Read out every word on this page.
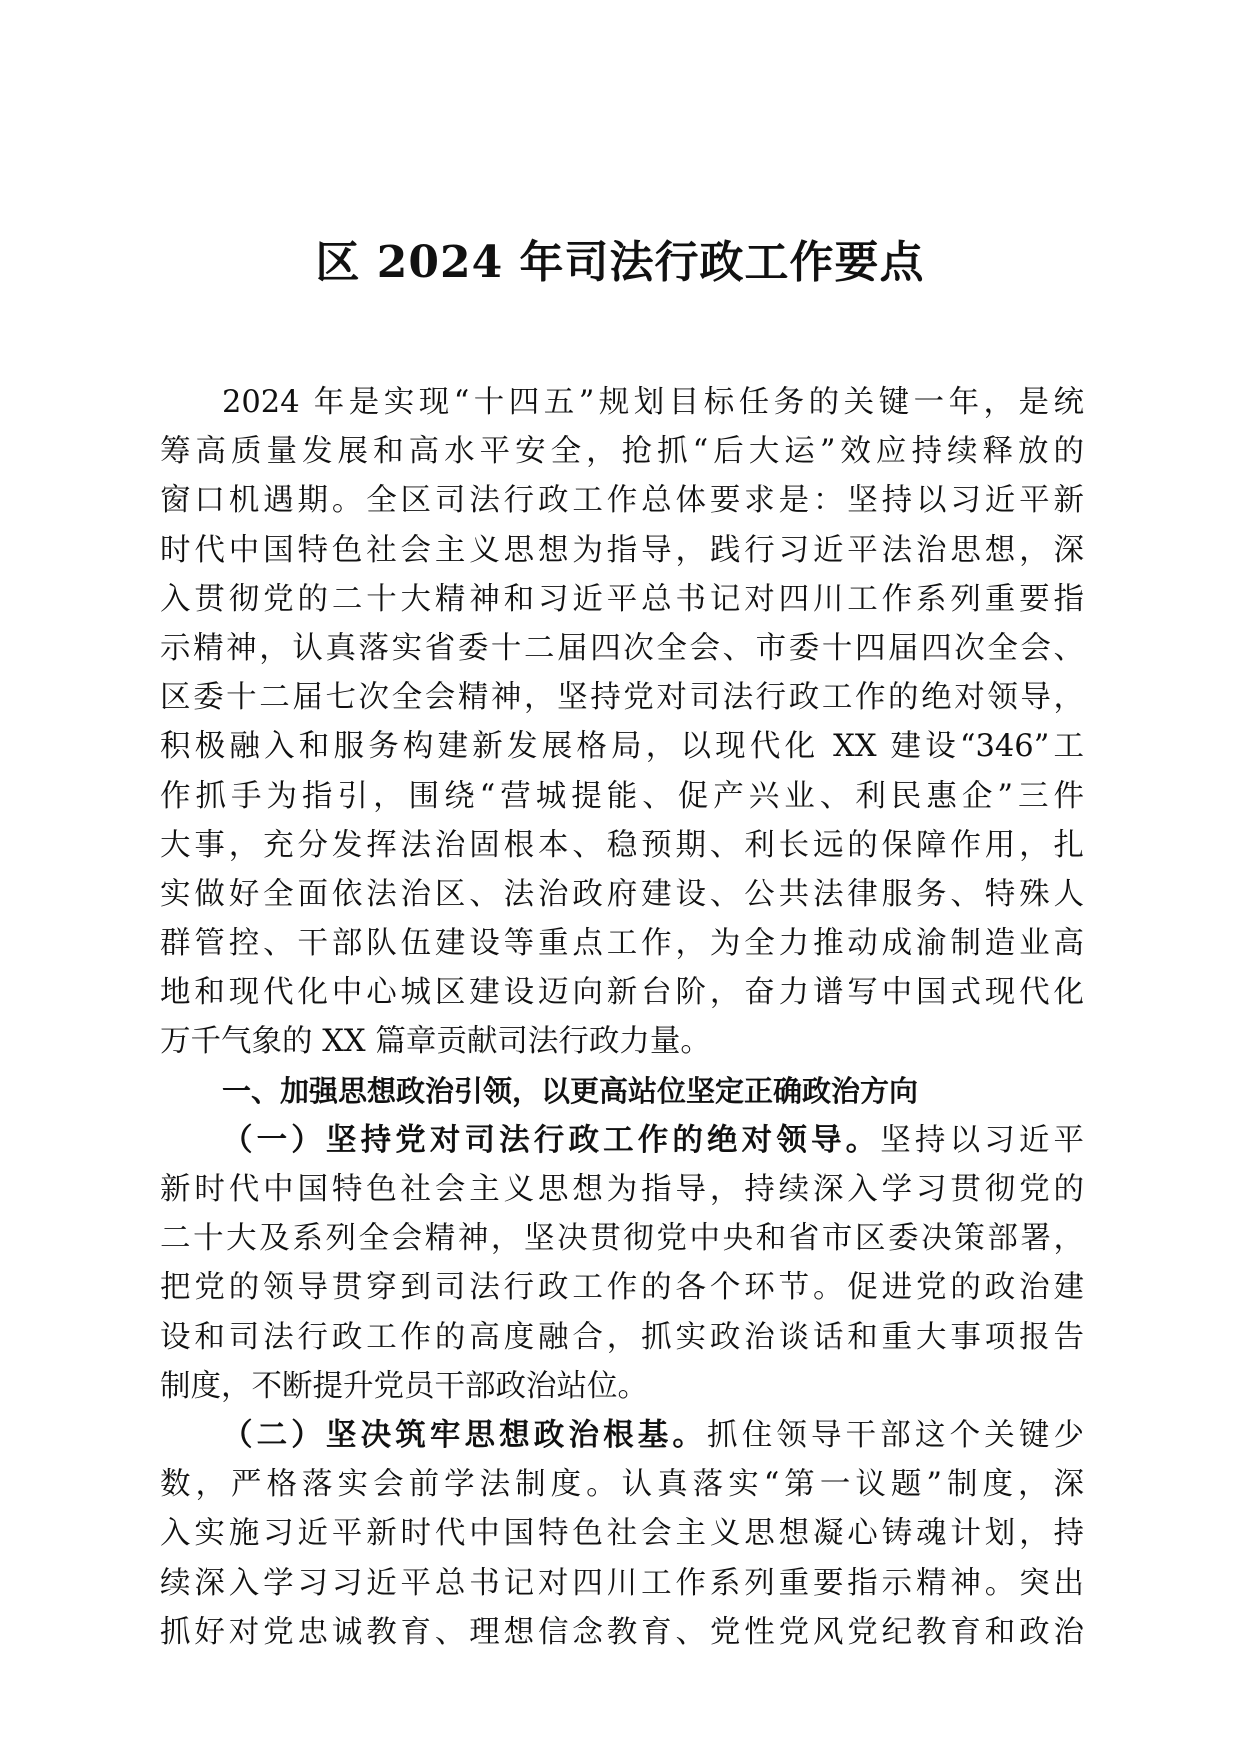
区 2024 年司法行政工作要点
2024 年是实现“十四五”规划目标任务的关键一年，是统
筹高质量发展和高水平安全，抢抓“后大运”效应持续释放的
窗口机遇期。全区司法行政工作总体要求是：坚持以习近平新
时代中国特色社会主义思想为指导，践行习近平法治思想，深
入贯彻党的二十大精神和习近平总书记对四川工作系列重要指
示精神，认真落实省委十二届四次全会、市委十四届四次全会、
区委十二届七次全会精神，坚持党对司法行政工作的绝对领导，
积极融入和服务构建新发展格局，以现代化 XX 建设“346”工
作抓手为指引，围绕“营城提能、促产兴业、利民惠企”三件
大事，充分发挥法治固根本、稳预期、利长远的保障作用，扎
实做好全面依法治区、法治政府建设、公共法律服务、特殊人
群管控、干部队伍建设等重点工作，为全力推动成渝制造业高
地和现代化中心城区建设迈向新台阶，奋力谱写中国式现代化
万千气象的 XX 篇章贡献司法行政力量。
一、加强思想政治引领，以更高站位坚定正确政治方向
（一）坚持党对司法行政工作的绝对领导。坚持以习近平
新时代中国特色社会主义思想为指导，持续深入学习贯彻党的
二十大及系列全会精神，坚决贯彻党中央和省市区委决策部署，
把党的领导贯穿到司法行政工作的各个环节。促进党的政治建
设和司法行政工作的高度融合，抓实政治谈话和重大事项报告
制度，不断提升党员干部政治站位。
（二）坚决筑牢思想政治根基。抓住领导干部这个关键少
数，严格落实会前学法制度。认真落实“第一议题”制度，深
入实施习近平新时代中国特色社会主义思想凝心铸魂计划，持
续深入学习习近平总书记对四川工作系列重要指示精神。突出
抓好对党忠诚教育、理想信念教育、党性党风党纪教育和政治
